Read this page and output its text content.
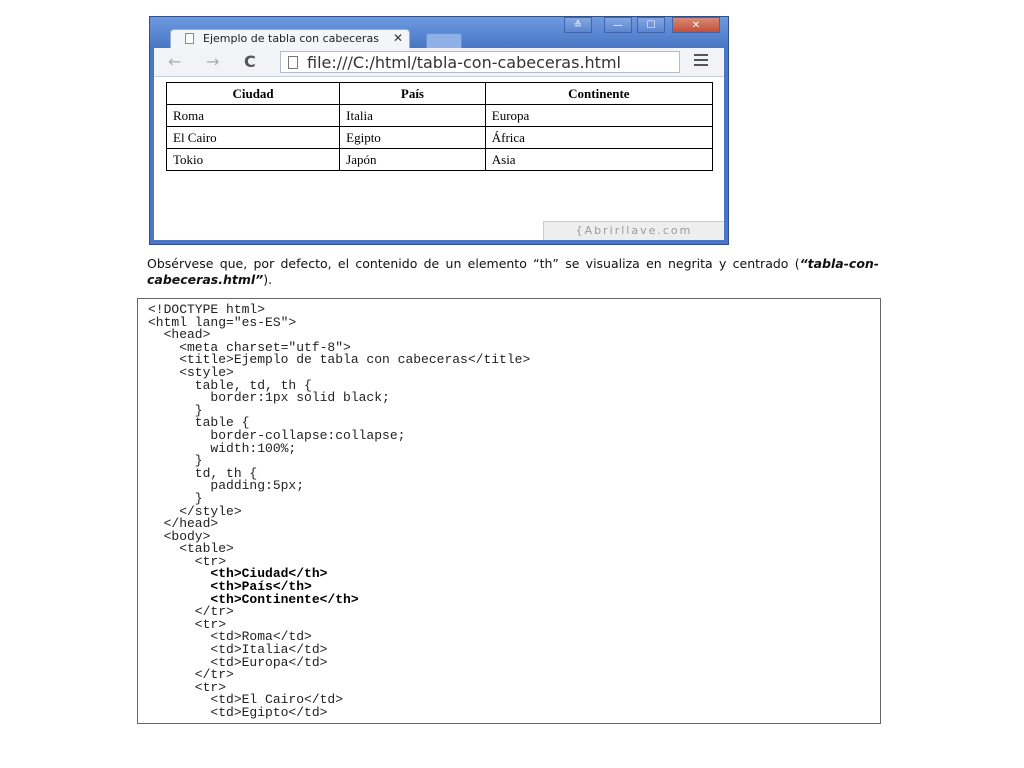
Ejemplo de tabla con cabeceras	✕
≙	—	☐	✕
← → C	file:///C:/html/tabla-con-cabeceras.html
Ciudad	País	Continente
Roma	Italia	Europa
El Cairo	Egipto	África
Tokio	Japón	Asia
{Abrirllave.com
Obsérvese que, por defecto, el contenido de un elemento “th” se visualiza en negrita y centrado (“tabla-con-cabeceras.html”).
<!DOCTYPE html>
<html lang="es-ES">
<head>
<meta charset="utf-8">
<title>Ejemplo de tabla con cabeceras</title>
<style>
table, td, th {
border:1px solid black;
}
table {
border-collapse:collapse;
width:100%;
}
td, th {
padding:5px;
}
</style>
</head>
<body>
<table>
<tr>
<th>Ciudad</th>
<th>País</th>
<th>Continente</th>
</tr>
<tr>
<td>Roma</td>
<td>Italia</td>
<td>Europa</td>
</tr>
<tr>
<td>El Cairo</td>
<td>Egipto</td>
